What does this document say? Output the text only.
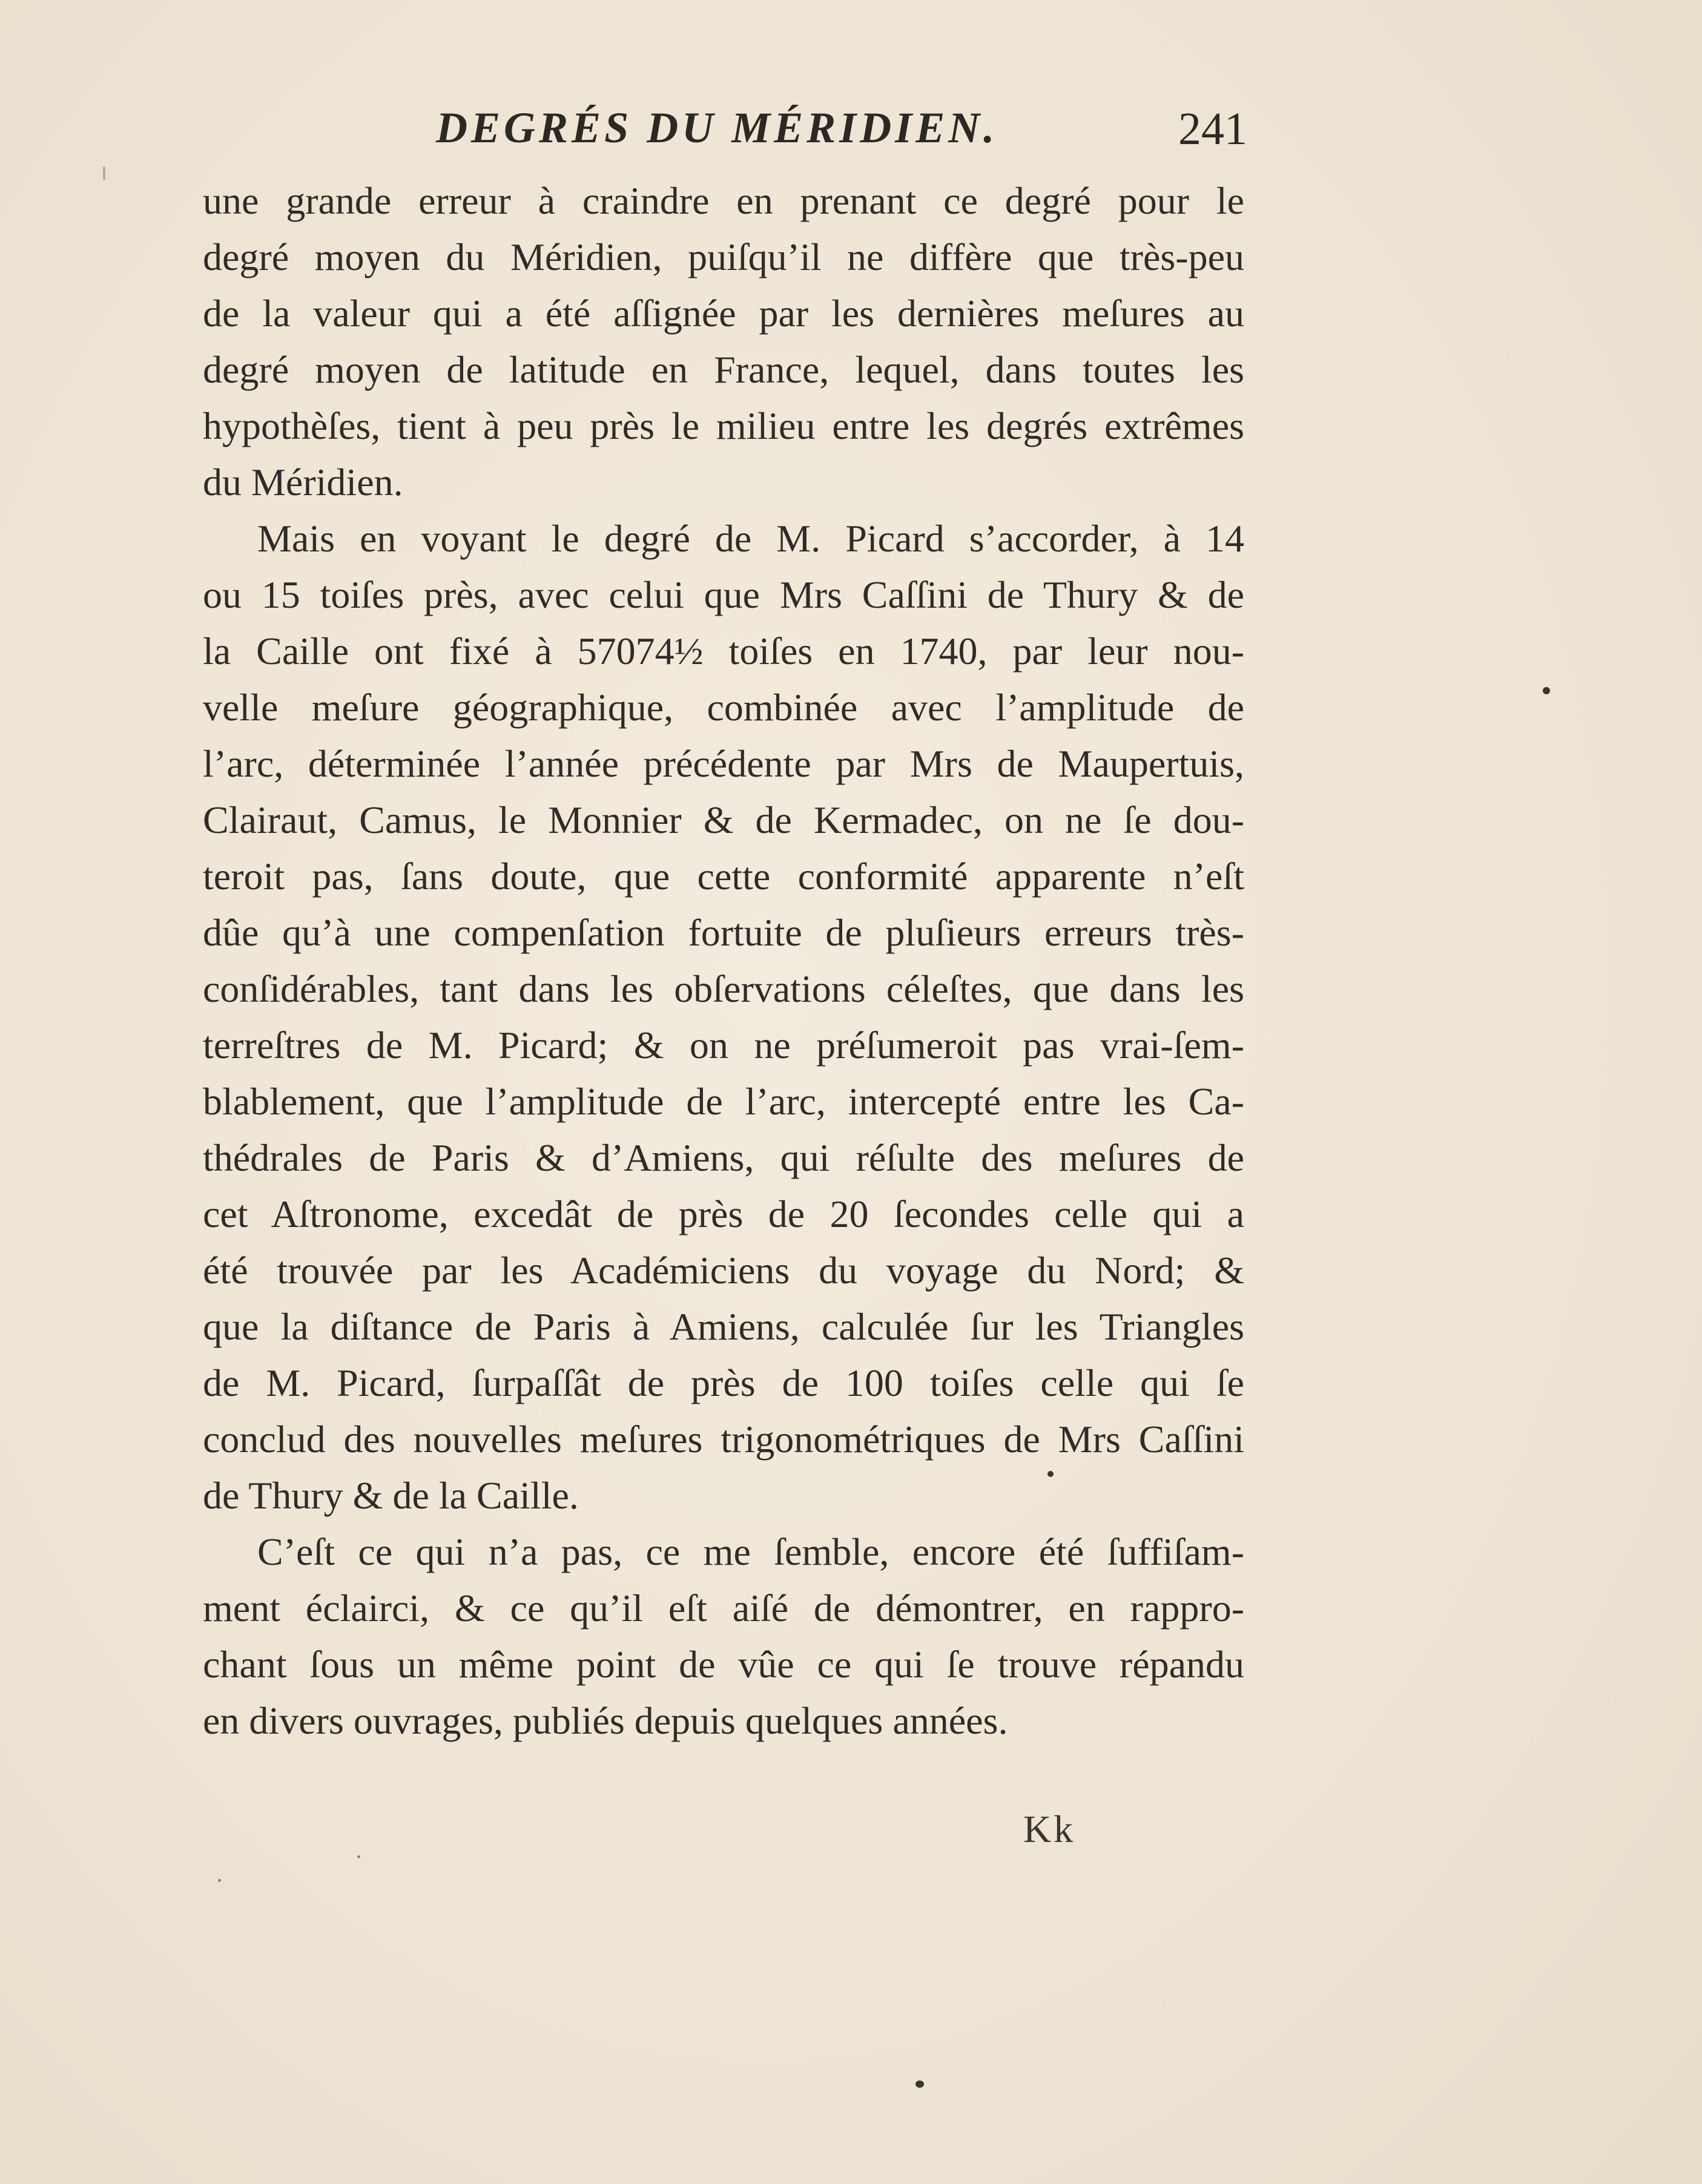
DEGRÉS DU MÉRIDIEN.	241
une grande erreur à craindre en prenant ce degré pour le
degré moyen du Méridien, puiſqu’il ne diffère que très-peu
de la valeur qui a été aſſignée par les dernières meſures au
degré moyen de latitude en France, lequel, dans toutes les
hypothèſes, tient à peu près le milieu entre les degrés extrêmes
du Méridien.
Mais en voyant le degré de M. Picard s’accorder, à 14
ou 15 toiſes près, avec celui que Mrs Caſſini de Thury & de
la Caille ont fixé à 57074½ toiſes en 1740, par leur nou-
velle meſure géographique, combinée avec l’amplitude de
l’arc, déterminée l’année précédente par Mrs de Maupertuis,
Clairaut, Camus, le Monnier & de Kermadec, on ne ſe dou-
teroit pas, ſans doute, que cette conformité apparente n’eſt
dûe qu’à une compenſation fortuite de pluſieurs erreurs très-
conſidérables, tant dans les obſervations céleſtes, que dans les
terreſtres de M. Picard; & on ne préſumeroit pas vrai-ſem-
blablement, que l’amplitude de l’arc, intercepté entre les Ca-
thédrales de Paris & d’Amiens, qui réſulte des meſures de
cet Aſtronome, excedât de près de 20 ſecondes celle qui a
été trouvée par les Académiciens du voyage du Nord; &
que la diſtance de Paris à Amiens, calculée ſur les Triangles
de M. Picard, ſurpaſſât de près de 100 toiſes celle qui ſe
conclud des nouvelles meſures trigonométriques de Mrs Caſſini
de Thury & de la Caille.
C’eſt ce qui n’a pas, ce me ſemble, encore été ſuffiſam-
ment éclairci, & ce qu’il eſt aiſé de démontrer, en rappro-
chant ſous un même point de vûe ce qui ſe trouve répandu
en divers ouvrages, publiés depuis quelques années.
Kk
